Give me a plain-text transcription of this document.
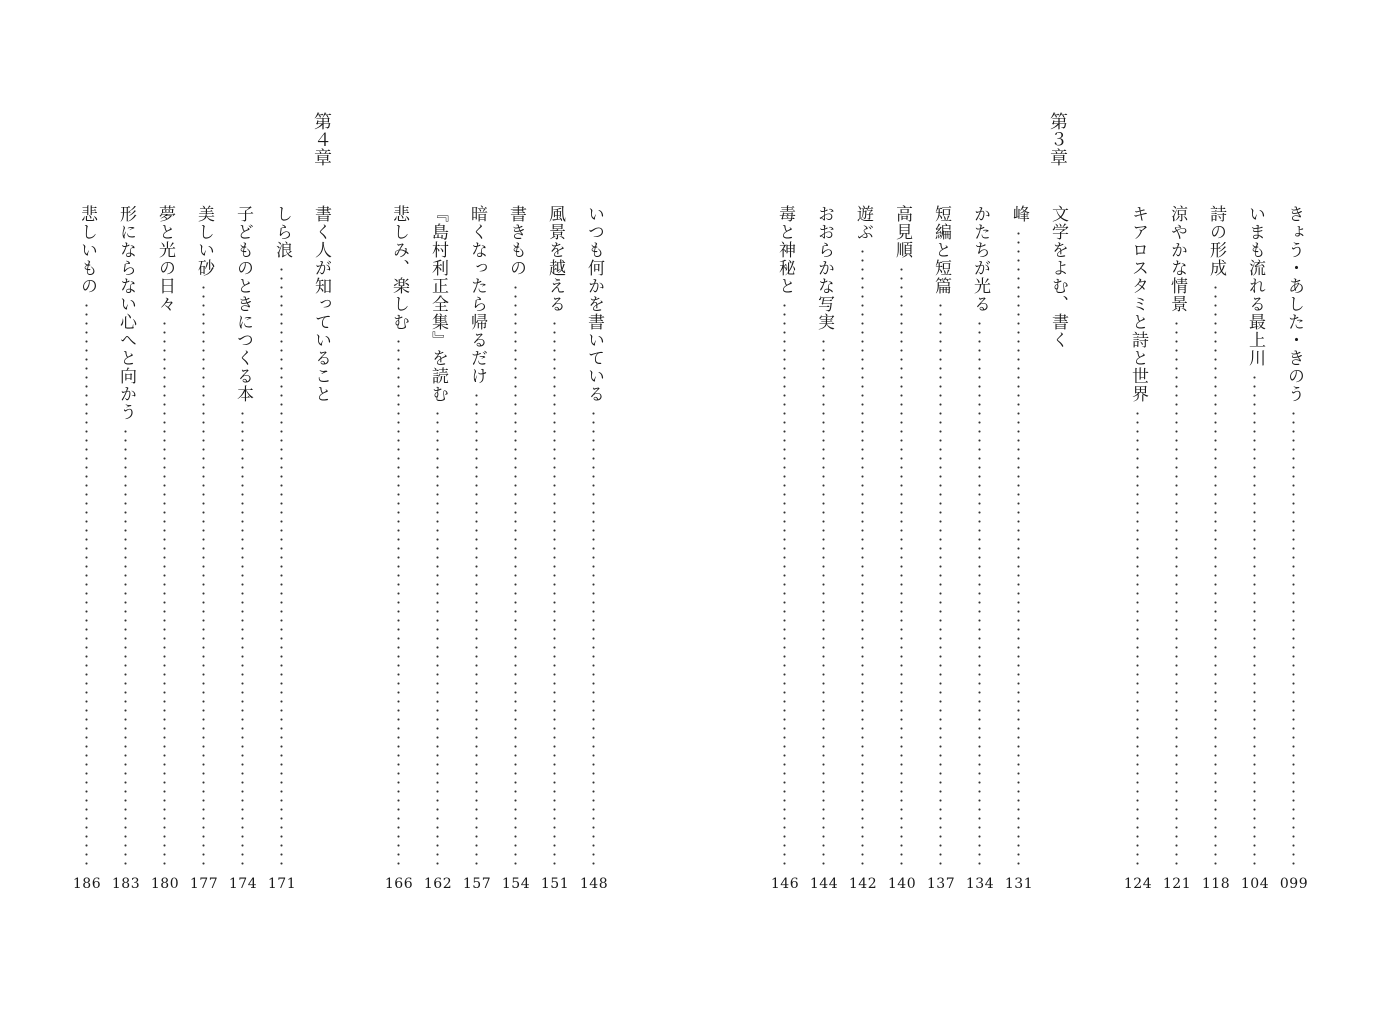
第３章
第４章
きょう・あした・きのう
099
いまも流れる最上川
104
詩の形成
118
涼やかな情景
121
キアロスタミと詩と世界
124
文学をよむ、書く
峰
131
かたちが光る
134
短編と短篇
137
高見順
140
遊ぶ
142
おおらかな写実
144
毒と神秘と
146
いつも何かを書いている
148
風景を越える
151
書きもの
154
暗くなったら帰るだけ
157
『島村利正全集』を読む
162
悲しみ、楽しむ
166
書く人が知っていること
しら浪
171
子どものときにつくる本
174
美しい砂
177
夢と光の日々
180
形にならない心へと向かう
183
悲しいもの
186
